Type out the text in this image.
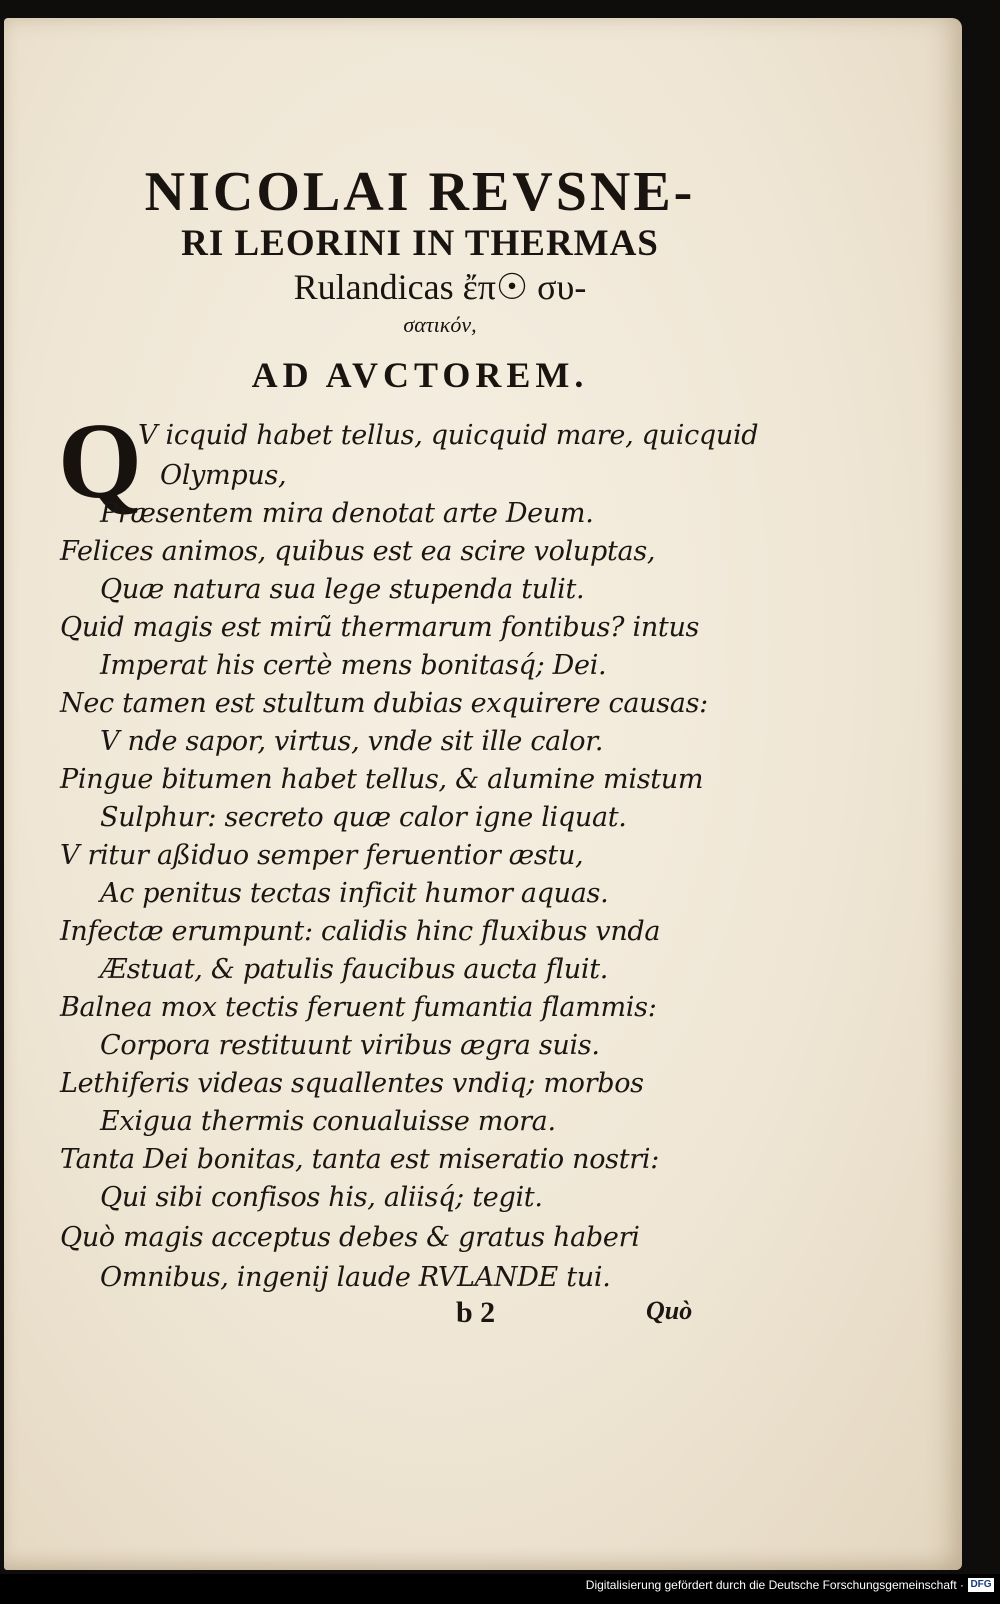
NICOLAI REVSNE-
RI LEORINI IN THERMAS
Rulandicas ἔπ☉ συ-
σατικόν,
AD AVCTOREM.
Q
V icquid habet tellus, quicquid mare, quicquid
Olympus,
Præsentem mira denotat arte Deum.
Felices animos, quibus est ea scire voluptas,
Quæ natura sua lege stupenda tulit.
Quid magis est mirũ thermarum fontibus? intus
Imperat his certè mens bonitasq́; Dei.
Nec tamen est stultum dubias exquirere causas:
V nde sapor, virtus, vnde sit ille calor.
Pingue bitumen habet tellus, & alumine mistum
Sulphur: secreto quæ calor igne liquat.
V ritur aßiduo semper feruentior æstu,
Ac penitus tectas inficit humor aquas.
Infectæ erumpunt: calidis hinc fluxibus vnda
Æstuat, & patulis faucibus aucta fluit.
Balnea mox tectis feruent fumantia flammis:
Corpora restituunt viribus ægra suis.
Lethiferis videas squallentes vndiq; morbos
Exigua thermis conualuisse mora.
Tanta Dei bonitas, tanta est miseratio nostri:
Qui sibi confisos his, aliisq́; tegit.
Quò magis acceptus debes & gratus haberi
Omnibus, ingenij laude RVLANDE tui.
b 2	Quò
Digitalisierung gefördert durch die Deutsche Forschungsgemeinschaft · DFG
